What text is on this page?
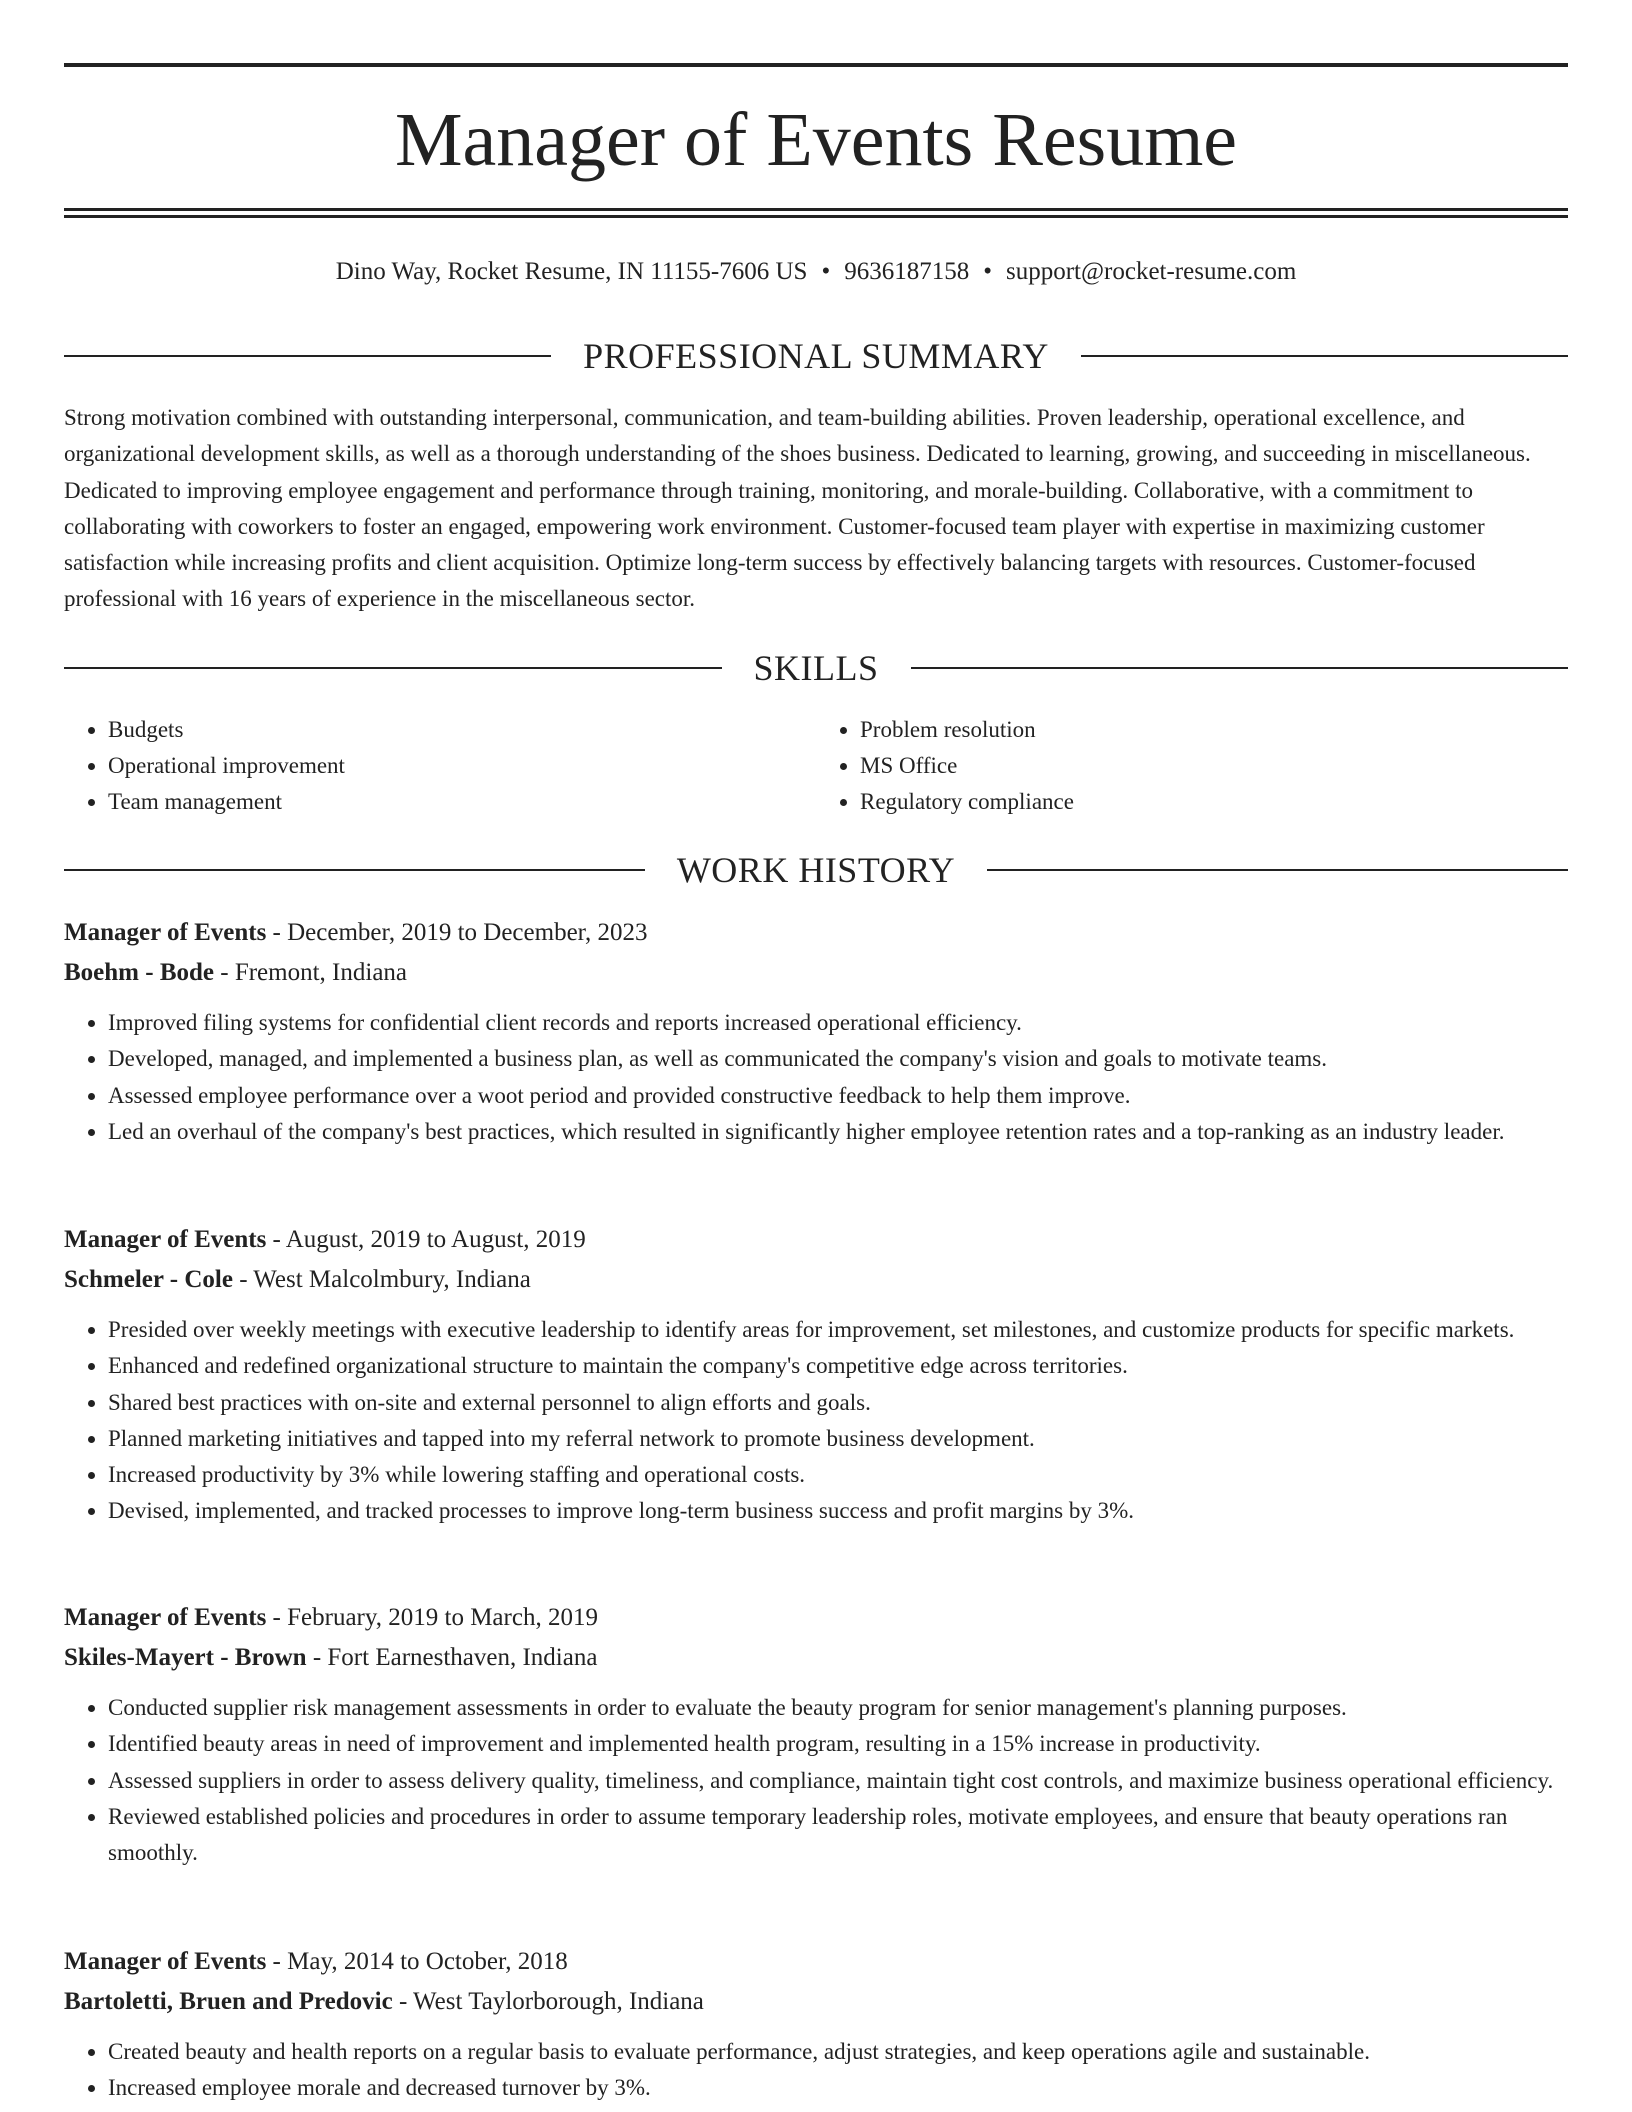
Manager of Events Resume
Dino Way, Rocket Resume, IN 11155-7606 US • 9636187158 • support@rocket-resume.com
PROFESSIONAL SUMMARY

Strong motivation combined with outstanding interpersonal, communication, and team-building abilities. Proven leadership, operational excellence, and organizational development skills, as well as a thorough understanding of the shoes business. Dedicated to learning, growing, and succeeding in miscellaneous. Dedicated to improving employee engagement and performance through training, monitoring, and morale-building. Collaborative, with a commitment to collaborating with coworkers to foster an engaged, empowering work environment. Customer-focused team player with expertise in maximizing customer satisfaction while increasing profits and client acquisition. Optimize long-term success by effectively balancing targets with resources. Customer-focused professional with 16 years of experience in the miscellaneous sector.

SKILLS
• Budgets
• Operational improvement
• Team management
• Problem resolution
• MS Office
• Regulatory compliance
WORK HISTORY

Manager of Events - December, 2019 to December, 2023

Boehm - Bode - Fremont, Indiana

• Improved filing systems for confidential client records and reports increased operational efficiency.
• Developed, managed, and implemented a business plan, as well as communicated the company's vision and goals to motivate teams.
• Assessed employee performance over a woot period and provided constructive feedback to help them improve.
• Led an overhaul of the company's best practices, which resulted in significantly higher employee retention rates and a top-ranking as an industry leader.

Manager of Events - August, 2019 to August, 2019

Schmeler - Cole - West Malcolmbury, Indiana

• Presided over weekly meetings with executive leadership to identify areas for improvement, set milestones, and customize products for specific markets.
• Enhanced and redefined organizational structure to maintain the company's competitive edge across territories.
• Shared best practices with on-site and external personnel to align efforts and goals.
• Planned marketing initiatives and tapped into my referral network to promote business development.
• Increased productivity by 3% while lowering staffing and operational costs.
• Devised, implemented, and tracked processes to improve long-term business success and profit margins by 3%.

Manager of Events - February, 2019 to March, 2019

Skiles-Mayert - Brown - Fort Earnesthaven, Indiana

• Conducted supplier risk management assessments in order to evaluate the beauty program for senior management's planning purposes.
• Identified beauty areas in need of improvement and implemented health program, resulting in a 15% increase in productivity.
• Assessed suppliers in order to assess delivery quality, timeliness, and compliance, maintain tight cost controls, and maximize business operational efficiency.
• Reviewed established policies and procedures in order to assume temporary leadership roles, motivate employees, and ensure that beauty operations ran smoothly.

Manager of Events - May, 2014 to October, 2018

Bartoletti, Bruen and Predovic - West Taylorborough, Indiana

• Created beauty and health reports on a regular basis to evaluate performance, adjust strategies, and keep operations agile and sustainable.
• Increased employee morale and decreased turnover by 3%.
